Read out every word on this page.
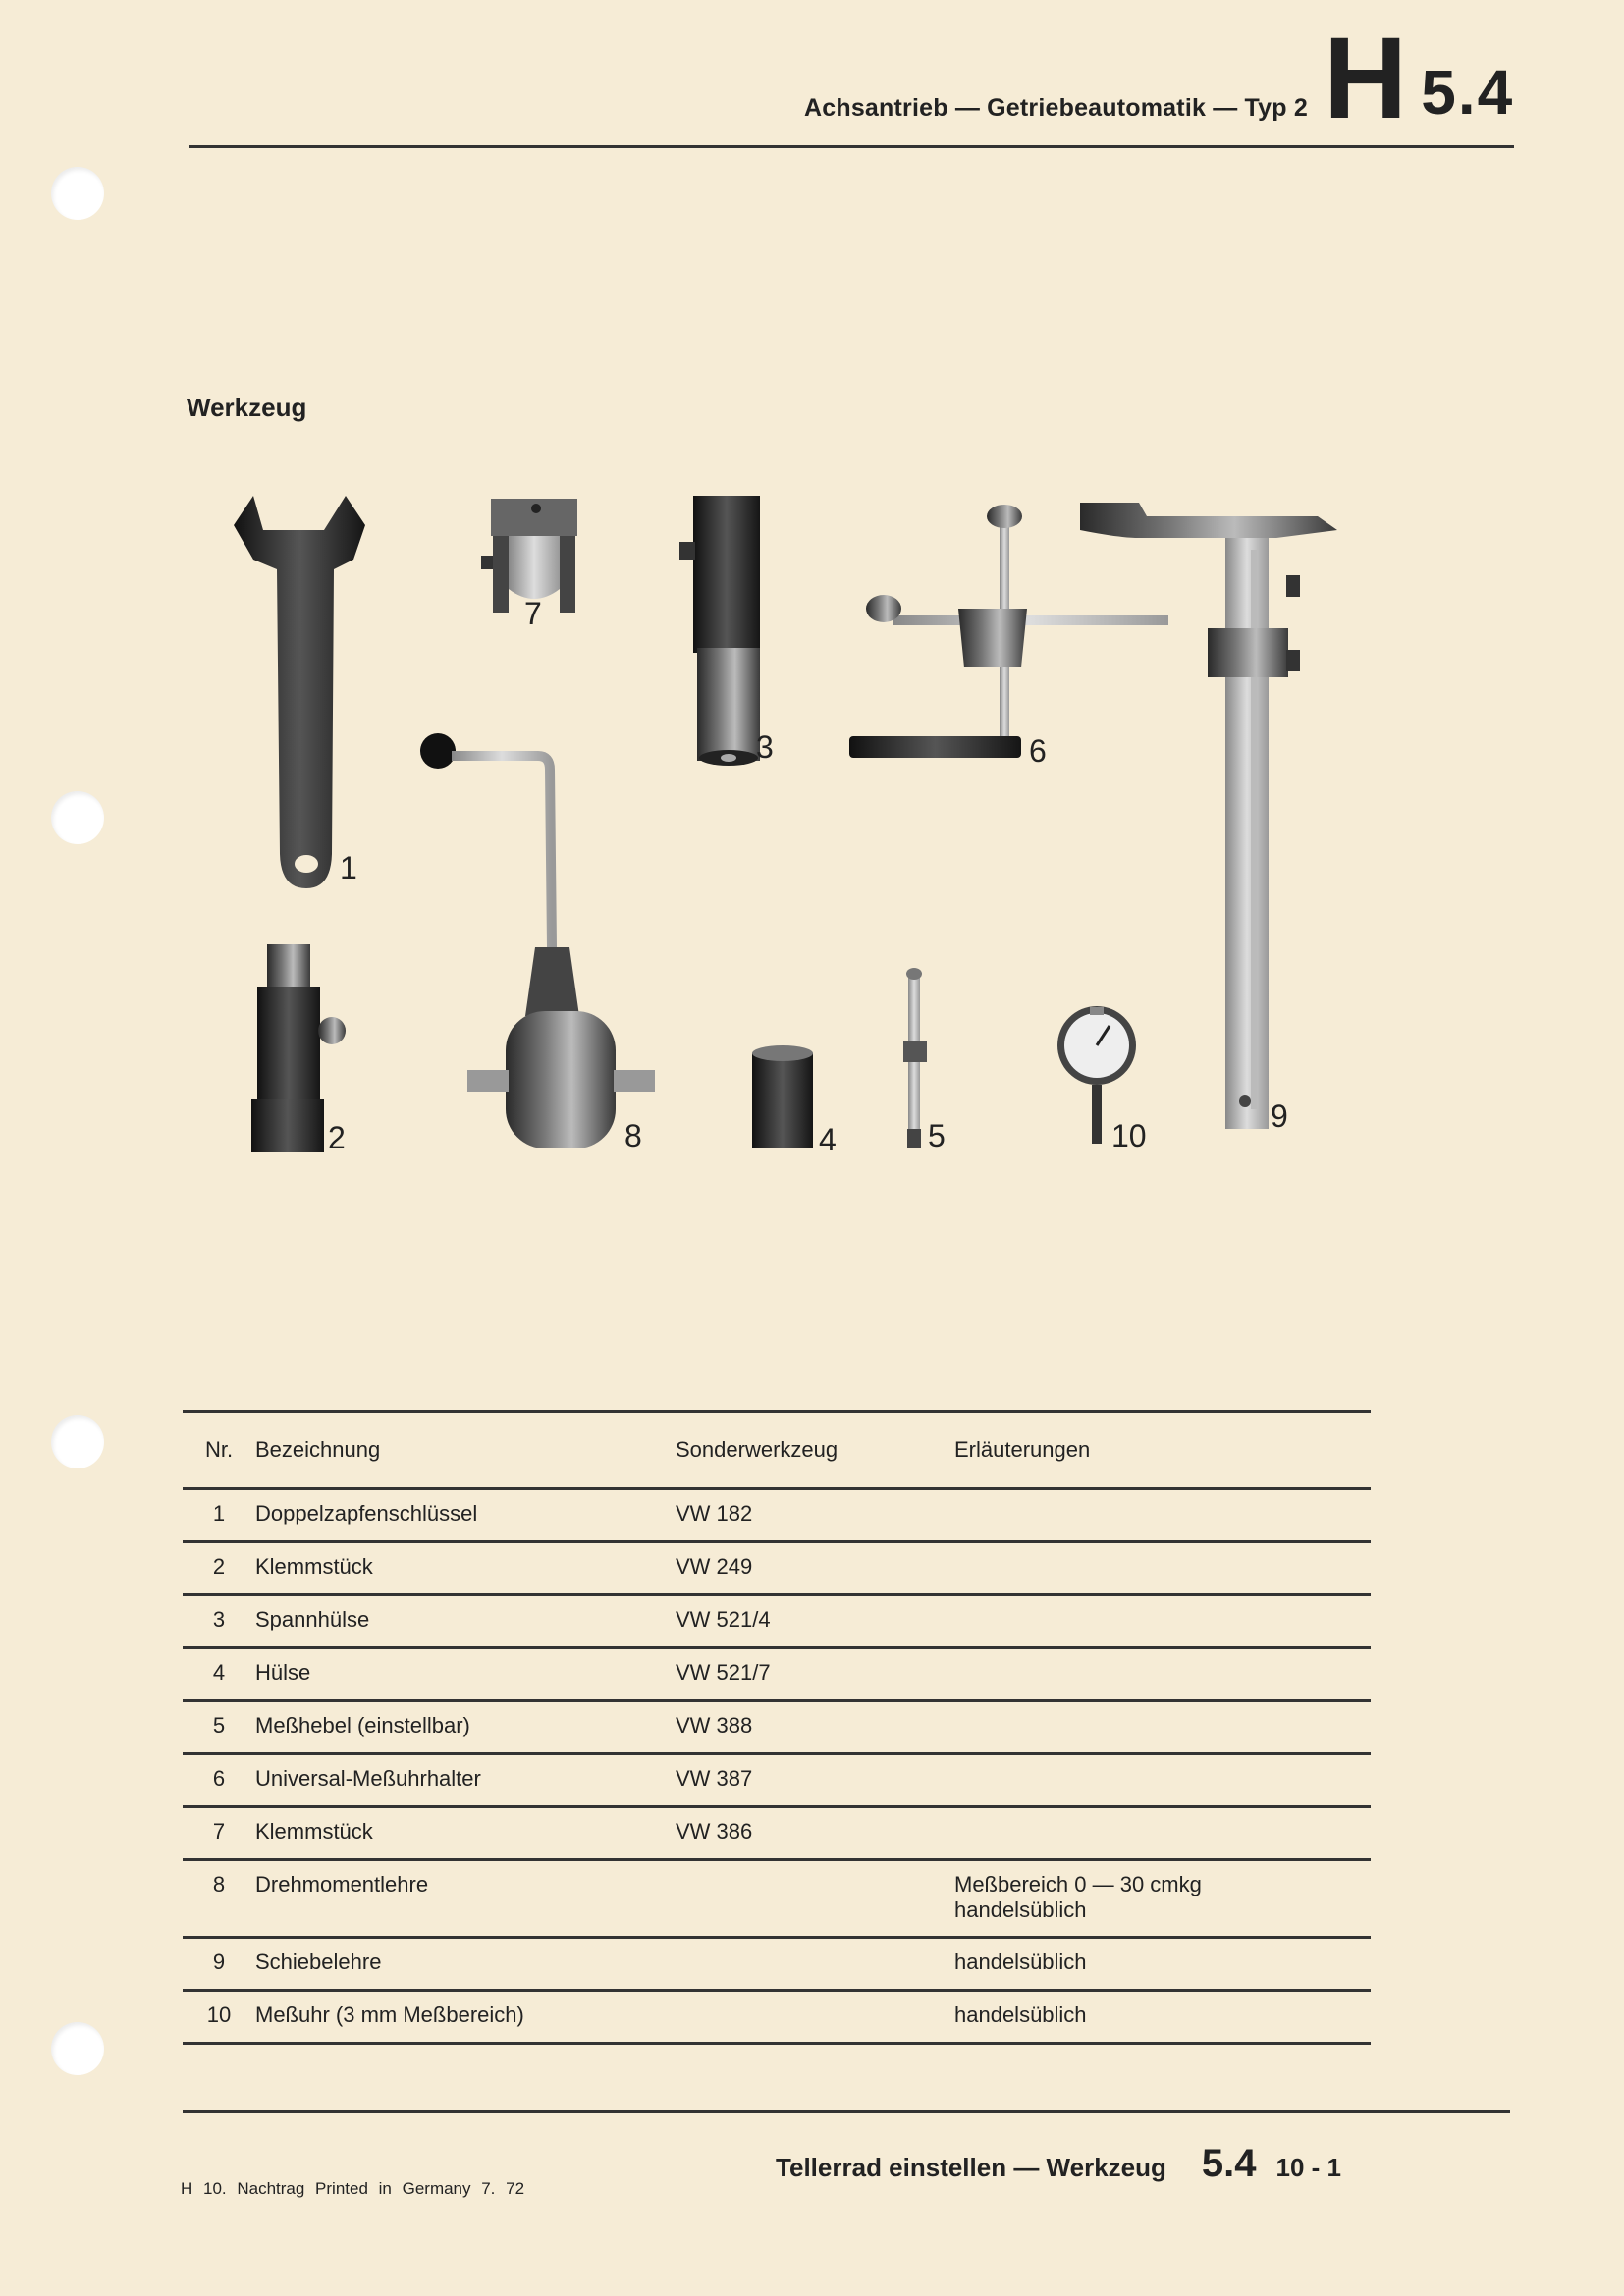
Achsantrieb — Getriebeautomatik — Typ 2 H 5.4
Werkzeug
1
2
3
4	5
6
7
8
9
10
Nr.	Bezeichnung	Sonderwerkzeug	Erläuterungen
1	Doppelzapfenschlüssel	VW 182	

2	Klemmstück	VW 249	

3	Spannhülse	VW 521/4	

4	Hülse	VW 521/7	

5	Meßhebel (einstellbar)	VW 388	

6	Universal-Meßuhrhalter	VW 387	

7	Klemmstück	VW 386	

8	Drehmomentlehre		Meßbereich 0 — 30 cmkg
handelsüblich

9	Schiebelehre		handelsüblich

10	Meßuhr (3 mm Meßbereich)		handelsüblich
H 10. Nachtrag Printed in Germany 7. 72
Tellerrad einstellen — Werkzeug 5.4 10 - 1
